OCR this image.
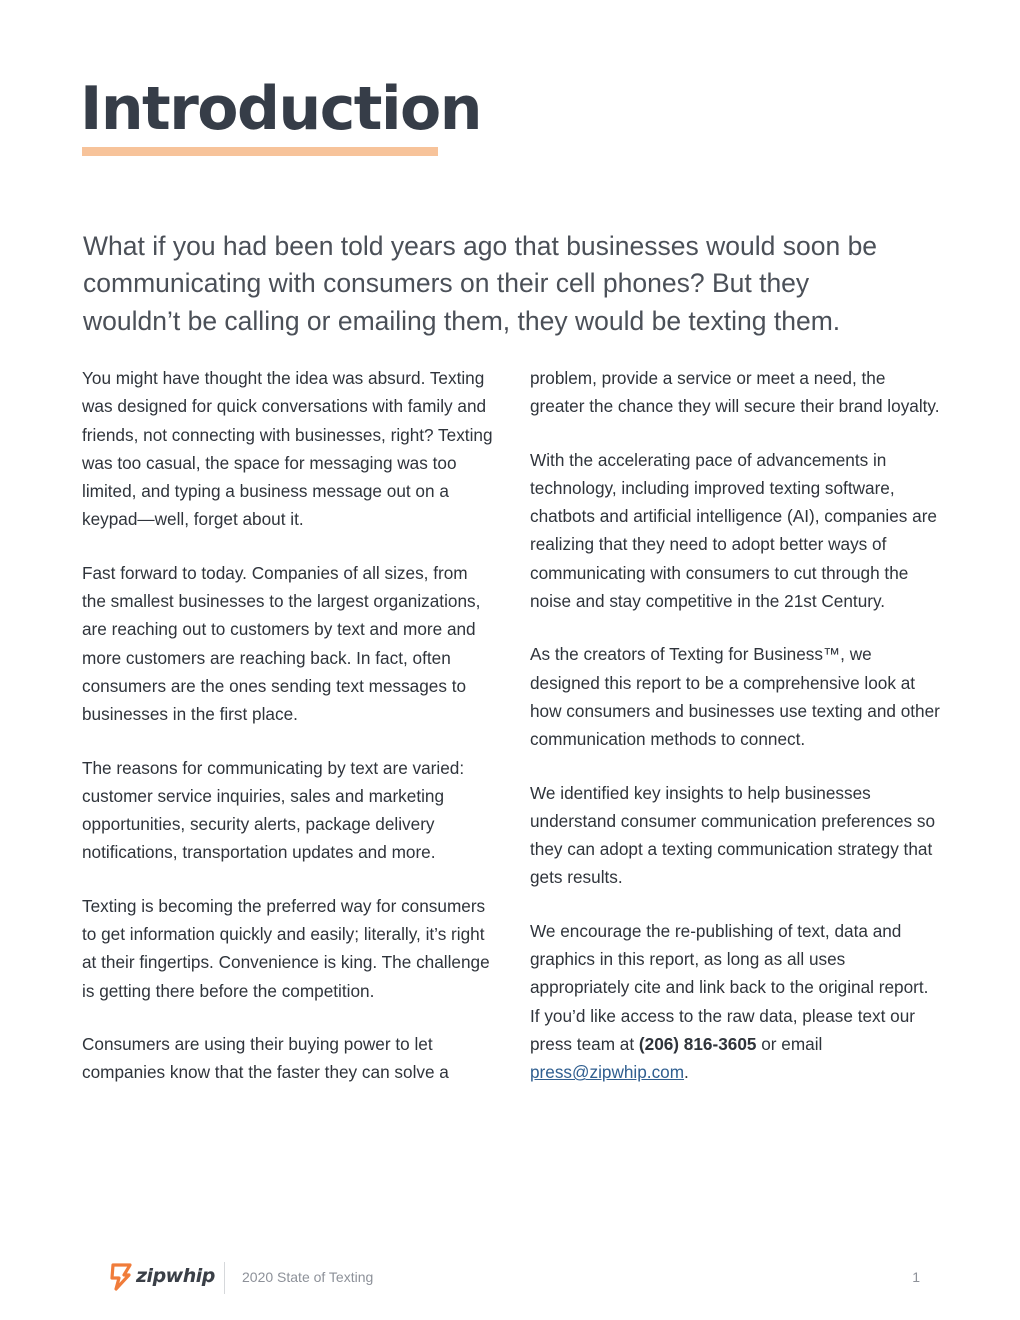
Introduction

What if you had been told years ago that businesses would soon be communicating with consumers on their cell phones? But they wouldn’t be calling or emailing them, they would be texting them.

You might have thought the idea was absurd. Texting was designed for quick conversations with family and friends, not connecting with businesses, right? Texting was too casual, the space for messaging was too limited, and typing a business message out on a keypad—well, forget about it.

Fast forward to today. Companies of all sizes, from the smallest businesses to the largest organizations, are reaching out to customers by text and more and more customers are reaching back. In fact, often consumers are the ones sending text messages to businesses in the first place.

The reasons for communicating by text are varied: customer service inquiries, sales and marketing opportunities, security alerts, package delivery notifications, transportation updates and more.

Texting is becoming the preferred way for consumers to get information quickly and easily; literally, it’s right at their fingertips. Convenience is king. The challenge is getting there before the competition.

Consumers are using their buying power to let companies know that the faster they can solve a

problem, provide a service or meet a need, the greater the chance they will secure their brand loyalty.

With the accelerating pace of advancements in technology, including improved texting software, chatbots and artificial intelligence (AI), companies are realizing that they need to adopt better ways of communicating with consumers to cut through the noise and stay competitive in the 21st Century.

As the creators of Texting for Business™, we designed this report to be a comprehensive look at how consumers and businesses use texting and other communication methods to connect.

We identified key insights to help businesses understand consumer communication preferences so they can adopt a texting communication strategy that gets results.

We encourage the re-publishing of text, data and graphics in this report, as long as all uses appropriately cite and link back to the original report. If you’d like access to the raw data, please text our press team at (206) 816-3605 or email
press@zipwhip.com.

zipwhip 2020 State of Texting	1
